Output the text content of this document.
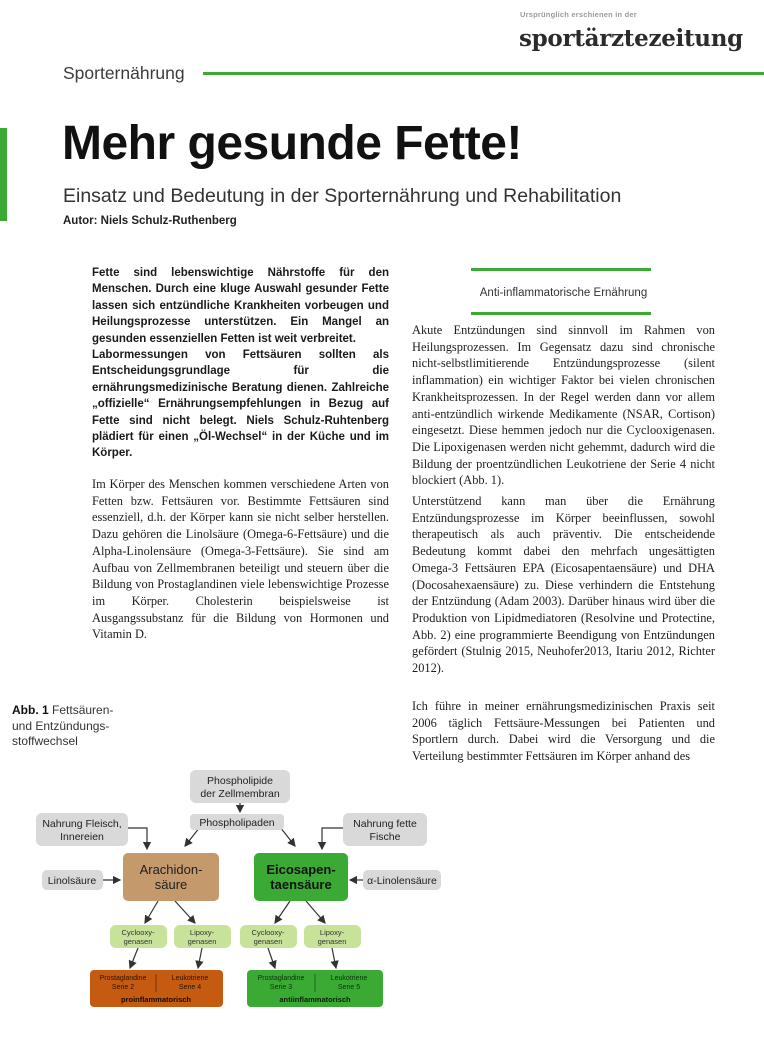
Ursprünglich erschienen in der
sportärztezeitung
Sporternährung
Mehr gesunde Fette!
Einsatz und Bedeutung in der Sporternährung und Rehabilitation
Autor: Niels Schulz-Ruthenberg

Fette sind lebenswichtige Nährstoffe für den Menschen. Durch eine kluge Auswahl gesunder Fette lassen sich entzündliche Krankheiten vorbeugen und Heilungsprozesse unterstützen. Ein Mangel an gesunden essenziellen Fetten ist weit verbreitet.

Labormessungen von Fettsäuren sollten als Entscheidungsgrundlage für die ernährungsmedizinische Beratung dienen. Zahlreiche „offizielle“ Ernährungsempfehlungen in Bezug auf Fette sind nicht belegt. Niels Schulz-Ruhtenberg plädiert für einen „Öl-Wechsel“ in der Küche und im Körper.

Im Körper des Menschen kommen verschiedene Arten von Fetten bzw. Fettsäuren vor. Bestimmte Fettsäuren sind essenziell, d.h. der Körper kann sie nicht selber herstellen. Dazu gehören die Linolsäure (Omega-6-Fettsäure) und die Alpha-Linolensäure (Omega-3-Fettsäure). Sie sind am Aufbau von Zellmembranen beteiligt und steuern über die Bildung von Prostaglandinen viele lebenswichtige Prozesse im Körper. Cholesterin beispielsweise ist Ausgangssubstanz für die Bildung von Hormonen und Vitamin D.
Anti-inflammatorische Ernährung

Akute Entzündungen sind sinnvoll im Rahmen von Heilungsprozessen. Im Gegensatz dazu sind chronische nicht-selbstlimitierende Entzündungsprozesse (silent inflammation) ein wichtiger Faktor bei vielen chronischen Krankheitsprozessen. In der Regel werden dann vor allem anti-entzündlich wirkende Medikamente (NSAR, Cortison) eingesetzt. Diese hemmen jedoch nur die Cyclooxigenasen. Die Lipoxigenasen werden nicht gehemmt, dadurch wird die Bildung der proentzündlichen Leukotriene der Serie 4 nicht blockiert (Abb. 1).

Unterstützend kann man über die Ernährung Entzündungsprozesse im Körper beeinflussen, sowohl therapeutisch als auch präventiv. Die entscheidende Bedeutung kommt dabei den mehrfach ungesättigten Omega-3 Fettsäuren EPA (Eicosapentaensäure) und DHA (Docosahexaensäure) zu. Diese verhindern die Entstehung der Entzündung (Adam 2003). Darüber hinaus wird über die Produktion von Lipidmediatoren (Resolvine und Protectine, Abb. 2) eine programmierte Beendigung von Entzündungen gefördert (Stulnig 2015, Neuhofer2013, Itariu 2012, Richter 2012).

Ich führe in meiner ernährungsmedizinischen Praxis seit 2006 täglich Fettsäure-Messungen bei Patienten und Sportlern durch. Dabei wird die Versorgung und die Verteilung bestimmter Fettsäuren im Körper anhand des
Abb. 1 Fettsäuren- und Entzündungs-stoffwechsel
Phospholipide
der Zellmembran
Phospholipaden
Nahrung Fleisch,
Innereien
Nahrung fette
Fische
Linolsäure	α-Linolensäure
Arachidon-
säure
Eicosapen-
taensäure
Cyclooxy-
genasen
Lipoxy-
genasen
Cyclooxy-
genasen
Lipoxy-
genasen
Prostaglandine
Serie 2
Leukotriene
Serie 4
proinflammatorisch
Prostaglandine
Serie 3
Leukotriene
Serie 5
antiinflammatorisch
